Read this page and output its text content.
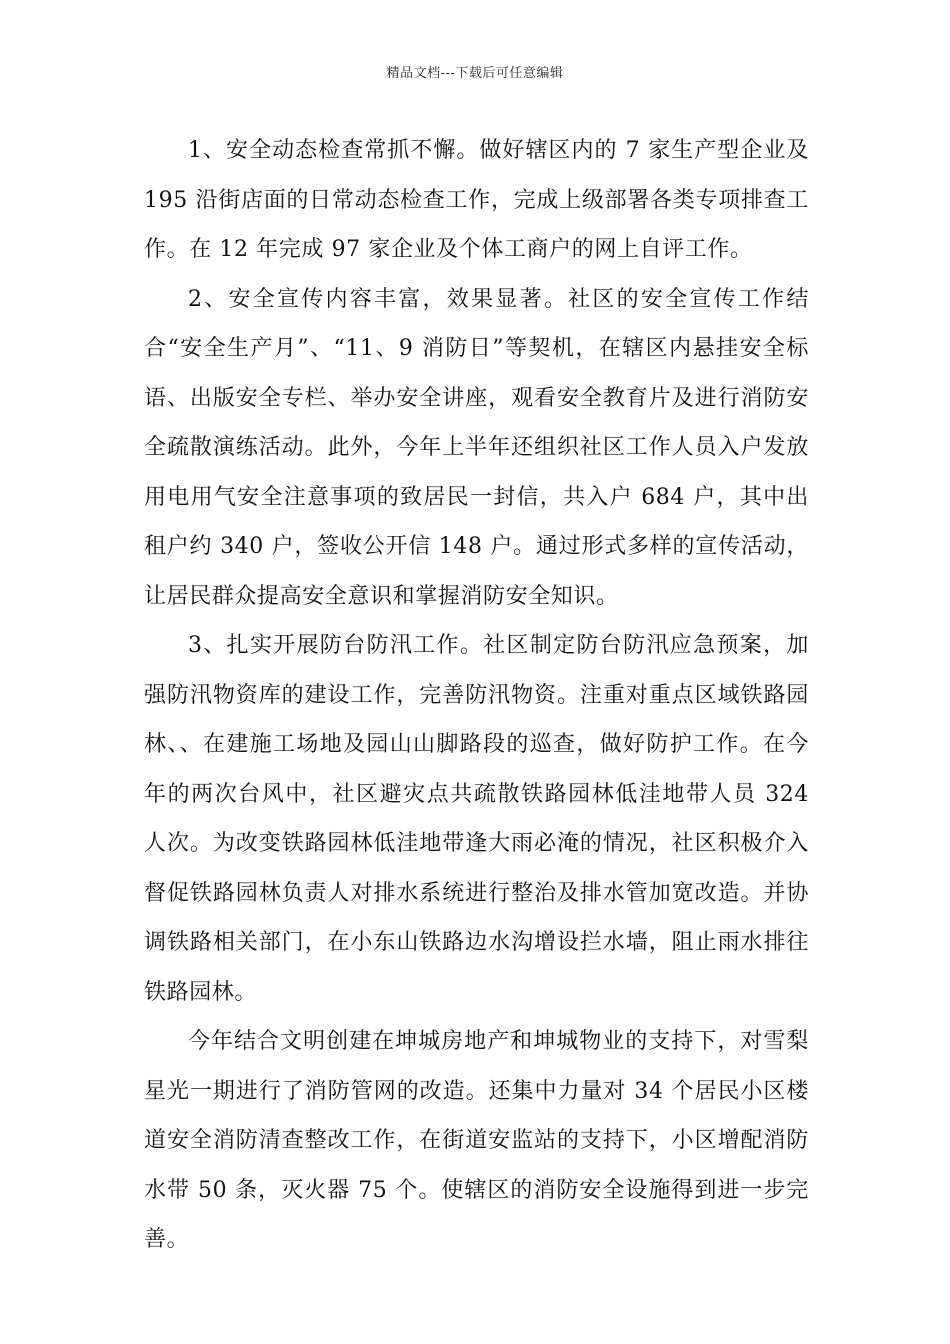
精品文档---下载后可任意编辑

1、安全动态检查常抓不懈。做好辖区内的 7 家生产型企业及 195 沿街店面的日常动态检查工作，完成上级部署各类专项排查工作。在 12 年完成 97 家企业及个体工商户的网上自评工作。

2、安全宣传内容丰富，效果显著。社区的安全宣传工作结合“安全生产月”、“11、9 消防日”等契机，在辖区内悬挂安全标语、出版安全专栏、举办安全讲座，观看安全教育片及进行消防安全疏散演练活动。此外，今年上半年还组织社区工作人员入户发放用电用气安全注意事项的致居民一封信，共入户 684 户，其中出租户约 340 户，签收公开信 148 户。通过形式多样的宣传活动，让居民群众提高安全意识和掌握消防安全知识。

3、扎实开展防台防汛工作。社区制定防台防汛应急预案，加强防汛物资库的建设工作，完善防汛物资。注重对重点区域铁路园林、、在建施工场地及园山山脚路段的巡查，做好防护工作。在今年的两次台风中，社区避灾点共疏散铁路园林低洼地带人员 324 人次。为改变铁路园林低洼地带逢大雨必淹的情况，社区积极介入督促铁路园林负责人对排水系统进行整治及排水管加宽改造。并协调铁路相关部门，在小东山铁路边水沟增设拦水墙，阻止雨水排往铁路园林。

今年结合文明创建在坤城房地产和坤城物业的支持下，对雪梨星光一期进行了消防管网的改造。还集中力量对 34 个居民小区楼道安全消防清查整改工作，在街道安监站的支持下，小区增配消防水带 50 条，灭火器 75 个。使辖区的消防安全设施得到进一步完善。
